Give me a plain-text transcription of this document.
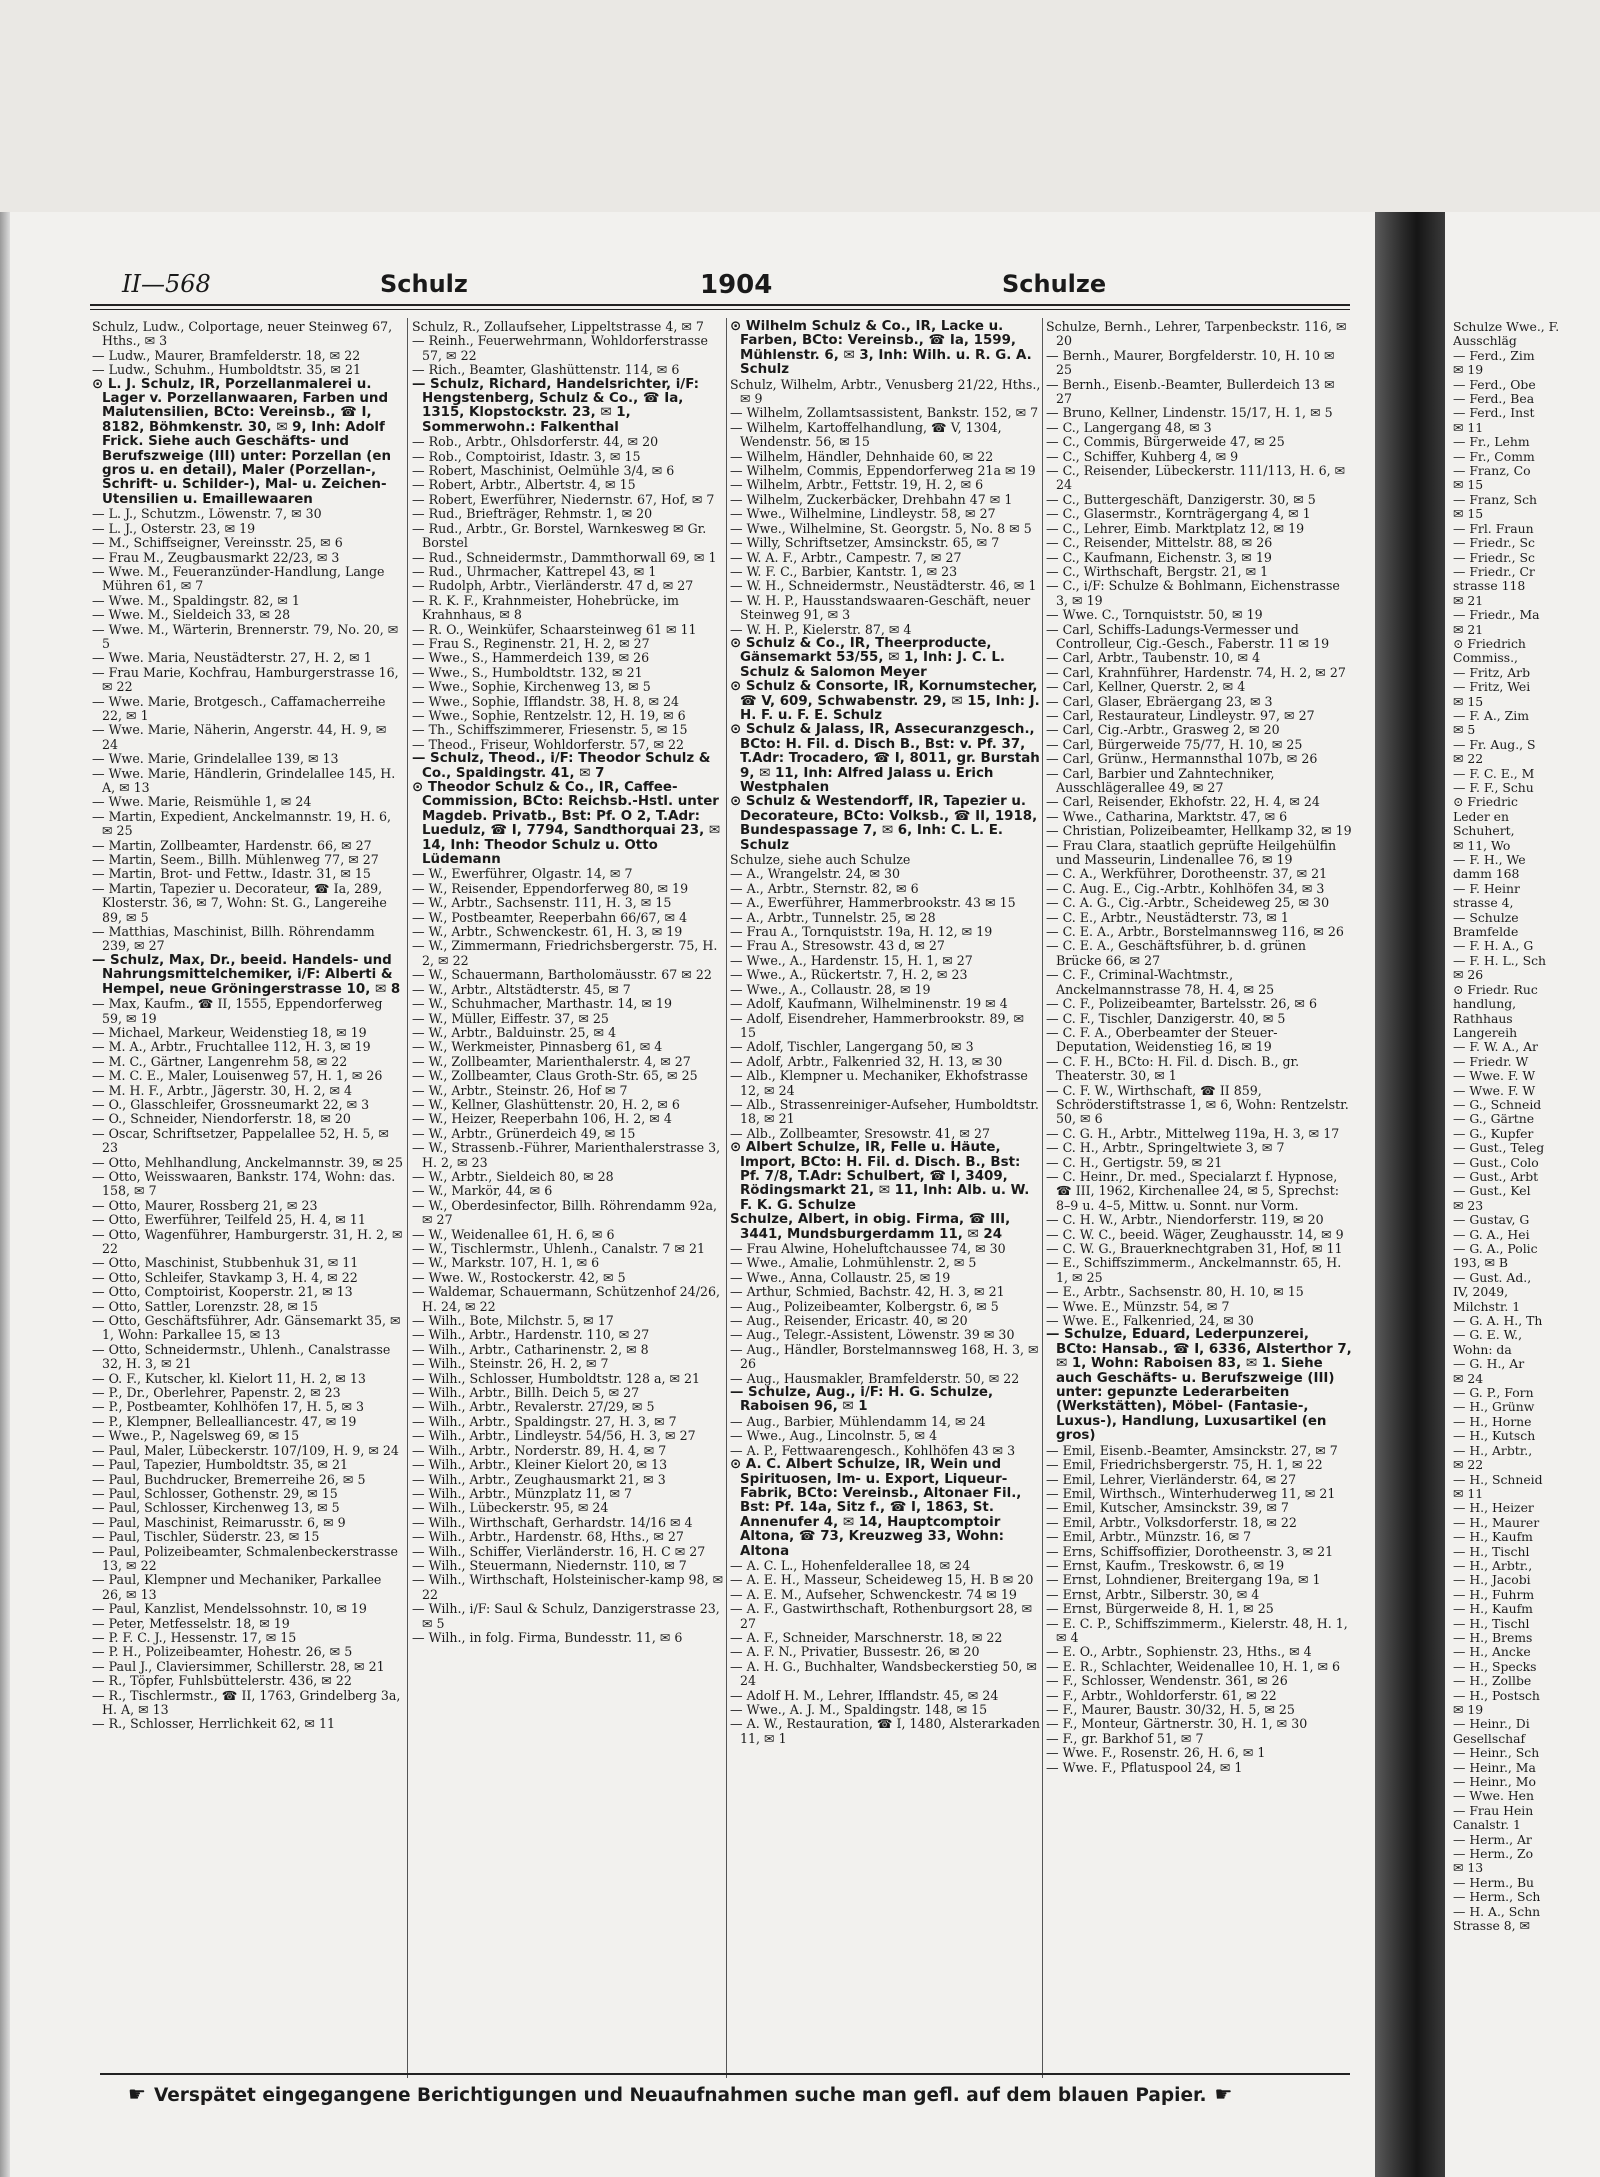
II—568	Schulz	1904	Schulze
Schulz, Ludw., Colportage, neuer Steinweg 67, Hths., ✉ 3
— Ludw., Maurer, Bramfelderstr. 18, ✉ 22
— Ludw., Schuhm., Humboldtstr. 35, ✉ 21
⊙ L. J. Schulz, IR, Porzellanmalerei u. Lager v. Porzellanwaaren, Farben und Malutensilien, BCto: Vereinsb., ☎ I, 8182, Böhmkenstr. 30, ✉ 9, Inh: Adolf Frick. Siehe auch Geschäfts- und Berufszweige (III) unter: Porzellan (en gros u. en detail), Maler (Porzellan-, Schrift- u. Schilder-), Mal- u. Zeichen-Utensilien u. Emaillewaaren
— L. J., Schutzm., Löwenstr. 7, ✉ 30
— L. J., Osterstr. 23, ✉ 19
— M., Schiffseigner, Vereinsstr. 25, ✉ 6
— Frau M., Zeugbausmarkt 22/23, ✉ 3
— Wwe. M., Feueranzünder-Handlung, Lange Mühren 61, ✉ 7
— Wwe. M., Spaldingstr. 82, ✉ 1
— Wwe. M., Sieldeich 33, ✉ 28
— Wwe. M., Wärterin, Brennerstr. 79, No. 20, ✉ 5
— Wwe. Maria, Neustädterstr. 27, H. 2, ✉ 1
— Frau Marie, Kochfrau, Hamburgerstrasse 16, ✉ 22
— Wwe. Marie, Brotgesch., Caffamacherreihe 22, ✉ 1
— Wwe. Marie, Näherin, Angerstr. 44, H. 9, ✉ 24
— Wwe. Marie, Grindelallee 139, ✉ 13
— Wwe. Marie, Händlerin, Grindelallee 145, H. A, ✉ 13
— Wwe. Marie, Reismühle 1, ✉ 24
— Martin, Expedient, Anckelmannstr. 19, H. 6, ✉ 25
— Martin, Zollbeamter, Hardenstr. 66, ✉ 27
— Martin, Seem., Billh. Mühlenweg 77, ✉ 27
— Martin, Brot- und Fettw., Idastr. 31, ✉ 15
— Martin, Tapezier u. Decorateur, ☎ Ia, 289, Klosterstr. 36, ✉ 7, Wohn: St. G., Langereihe 89, ✉ 5
— Matthias, Maschinist, Billh. Röhrendamm 239, ✉ 27
— Schulz, Max, Dr., beeid. Handels- und Nahrungsmittelchemiker, i/F: Alberti & Hempel, neue Gröningerstrasse 10, ✉ 8
— Max, Kaufm., ☎ II, 1555, Eppendorferweg 59, ✉ 19
— Michael, Markeur, Weidenstieg 18, ✉ 19
— M. A., Arbtr., Fruchtallee 112, H. 3, ✉ 19
— M. C., Gärtner, Langenrehm 58, ✉ 22
— M. C. E., Maler, Louisenweg 57, H. 1, ✉ 26
— M. H. F., Arbtr., Jägerstr. 30, H. 2, ✉ 4
— O., Glasschleifer, Grossneumarkt 22, ✉ 3
— O., Schneider, Niendorferstr. 18, ✉ 20
— Oscar, Schriftsetzer, Pappelallee 52, H. 5, ✉ 23
— Otto, Mehlhandlung, Anckelmannstr. 39, ✉ 25
— Otto, Weisswaaren, Bankstr. 174, Wohn: das. 158, ✉ 7
— Otto, Maurer, Rossberg 21, ✉ 23
— Otto, Ewerführer, Teilfeld 25, H. 4, ✉ 11
— Otto, Wagenführer, Hamburgerstr. 31, H. 2, ✉ 22
— Otto, Maschinist, Stubbenhuk 31, ✉ 11
— Otto, Schleifer, Stavkamp 3, H. 4, ✉ 22
— Otto, Comptoirist, Kooperstr. 21, ✉ 13
— Otto, Sattler, Lorenzstr. 28, ✉ 15
— Otto, Geschäftsführer, Adr. Gänsemarkt 35, ✉ 1, Wohn: Parkallee 15, ✉ 13
— Otto, Schneidermstr., Uhlenh., Canalstrasse 32, H. 3, ✉ 21
— O. F., Kutscher, kl. Kielort 11, H. 2, ✉ 13
— P., Dr., Oberlehrer, Papenstr. 2, ✉ 23
— P., Postbeamter, Kohlhöfen 17, H. 5, ✉ 3
— P., Klempner, Bellealliancestr. 47, ✉ 19
— Wwe., P., Nagelsweg 69, ✉ 15
— Paul, Maler, Lübeckerstr. 107/109, H. 9, ✉ 24
— Paul, Tapezier, Humboldtstr. 35, ✉ 21
— Paul, Buchdrucker, Bremerreihe 26, ✉ 5
— Paul, Schlosser, Gothenstr. 29, ✉ 15
— Paul, Schlosser, Kirchenweg 13, ✉ 5
— Paul, Maschinist, Reimarusstr. 6, ✉ 9
— Paul, Tischler, Süderstr. 23, ✉ 15
— Paul, Polizeibeamter, Schmalenbeckerstrasse 13, ✉ 22
— Paul, Klempner und Mechaniker, Parkallee 26, ✉ 13
— Paul, Kanzlist, Mendelssohnstr. 10, ✉ 19
— Peter, Metfesselstr. 18, ✉ 19
— P. F. C. J., Hessenstr. 17, ✉ 15
— P. H., Polizeibeamter, Hohestr. 26, ✉ 5
— Paul J., Claviersimmer, Schillerstr. 28, ✉ 21
— R., Töpfer, Fuhlsbüttelerstr. 436, ✉ 22
— R., Tischlermstr., ☎ II, 1763, Grindelberg 3a, H. A, ✉ 13
— R., Schlosser, Herrlichkeit 62, ✉ 11
Schulz, R., Zollaufseher, Lippeltstrasse 4, ✉ 7
— Reinh., Feuerwehrmann, Wohldorferstrasse 57, ✉ 22
— Rich., Beamter, Glashüttenstr. 114, ✉ 6
— Schulz, Richard, Handelsrichter, i/F: Hengstenberg, Schulz & Co., ☎ Ia, 1315, Klopstockstr. 23, ✉ 1, Sommerwohn.: Falkenthal
— Rob., Arbtr., Ohlsdorferstr. 44, ✉ 20
— Rob., Comptoirist, Idastr. 3, ✉ 15
— Robert, Maschinist, Oelmühle 3/4, ✉ 6
— Robert, Arbtr., Albertstr. 4, ✉ 15
— Robert, Ewerführer, Niedernstr. 67, Hof, ✉ 7
— Rud., Briefträger, Rehmstr. 1, ✉ 20
— Rud., Arbtr., Gr. Borstel, Warnkesweg ✉ Gr. Borstel
— Rud., Schneidermstr., Dammthorwall 69, ✉ 1
— Rud., Uhrmacher, Kattrepel 43, ✉ 1
— Rudolph, Arbtr., Vierländerstr. 47 d, ✉ 27
— R. K. F., Krahnmeister, Hohebrücke, im Krahnhaus, ✉ 8
— R. O., Weinküfer, Schaarsteinweg 61 ✉ 11
— Frau S., Reginenstr. 21, H. 2, ✉ 27
— Wwe., S., Hammerdeich 139, ✉ 26
— Wwe., S., Humboldtstr. 132, ✉ 21
— Wwe., Sophie, Kirchenweg 13, ✉ 5
— Wwe., Sophie, Ifflandstr. 38, H. 8, ✉ 24
— Wwe., Sophie, Rentzelstr. 12, H. 19, ✉ 6
— Th., Schiffszimmerer, Friesenstr. 5, ✉ 15
— Theod., Friseur, Wohldorferstr. 57, ✉ 22
— Schulz, Theod., i/F: Theodor Schulz & Co., Spaldingstr. 41, ✉ 7
⊙ Theodor Schulz & Co., IR, Caffee-Commission, BCto: Reichsb.-Hstl. unter Magdeb. Privatb., Bst: Pf. O 2, T.Adr: Luedulz, ☎ I, 7794, Sandthorquai 23, ✉ 14, Inh: Theodor Schulz u. Otto Lüdemann
— W., Ewerführer, Olgastr. 14, ✉ 7
— W., Reisender, Eppendorferweg 80, ✉ 19
— W., Arbtr., Sachsenstr. 111, H. 3, ✉ 15
— W., Postbeamter, Reeperbahn 66/67, ✉ 4
— W., Arbtr., Schwenckestr. 61, H. 3, ✉ 19
— W., Zimmermann, Friedrichsbergerstr. 75, H. 2, ✉ 22
— W., Schauermann, Bartholomäusstr. 67 ✉ 22
— W., Arbtr., Altstädterstr. 45, ✉ 7
— W., Schuhmacher, Marthastr. 14, ✉ 19
— W., Müller, Eiffestr. 37, ✉ 25
— W., Arbtr., Balduinstr. 25, ✉ 4
— W., Werkmeister, Pinnasberg 61, ✉ 4
— W., Zollbeamter, Marienthalerstr. 4, ✉ 27
— W., Zollbeamter, Claus Groth-Str. 65, ✉ 25
— W., Arbtr., Steinstr. 26, Hof ✉ 7
— W., Kellner, Glashüttenstr. 20, H. 2, ✉ 6
— W., Heizer, Reeperbahn 106, H. 2, ✉ 4
— W., Arbtr., Grünerdeich 49, ✉ 15
— W., Strassenb.-Führer, Marienthalerstrasse 3, H. 2, ✉ 23
— W., Arbtr., Sieldeich 80, ✉ 28
— W., Markör, 44, ✉ 6
— W., Oberdesinfector, Billh. Röhrendamm 92a, ✉ 27
— W., Weidenallee 61, H. 6, ✉ 6
— W., Tischlermstr., Uhlenh., Canalstr. 7 ✉ 21
— W., Markstr. 107, H. 1, ✉ 6
— Wwe. W., Rostockerstr. 42, ✉ 5
— Waldemar, Schauermann, Schützenhof 24/26, H. 24, ✉ 22
— Wilh., Bote, Milchstr. 5, ✉ 17
— Wilh., Arbtr., Hardenstr. 110, ✉ 27
— Wilh., Arbtr., Catharinenstr. 2, ✉ 8
— Wilh., Steinstr. 26, H. 2, ✉ 7
— Wilh., Schlosser, Humboldtstr. 128 a, ✉ 21
— Wilh., Arbtr., Billh. Deich 5, ✉ 27
— Wilh., Arbtr., Revalerstr. 27/29, ✉ 5
— Wilh., Arbtr., Spaldingstr. 27, H. 3, ✉ 7
— Wilh., Arbtr., Lindleystr. 54/56, H. 3, ✉ 27
— Wilh., Arbtr., Norderstr. 89, H. 4, ✉ 7
— Wilh., Arbtr., Kleiner Kielort 20, ✉ 13
— Wilh., Arbtr., Zeughausmarkt 21, ✉ 3
— Wilh., Arbtr., Münzplatz 11, ✉ 7
— Wilh., Lübeckerstr. 95, ✉ 24
— Wilh., Wirthschaft, Gerhardstr. 14/16 ✉ 4
— Wilh., Arbtr., Hardenstr. 68, Hths., ✉ 27
— Wilh., Schiffer, Vierländerstr. 16, H. C ✉ 27
— Wilh., Steuermann, Niedernstr. 110, ✉ 7
— Wilh., Wirthschaft, Holsteinischer-kamp 98, ✉ 22
— Wilh., i/F: Saul & Schulz, Danzigerstrasse 23, ✉ 5
— Wilh., in folg. Firma, Bundesstr. 11, ✉ 6
⊙ Wilhelm Schulz & Co., IR, Lacke u. Farben, BCto: Vereinsb., ☎ Ia, 1599, Mühlenstr. 6, ✉ 3, Inh: Wilh. u. R. G. A. Schulz
Schulz, Wilhelm, Arbtr., Venusberg 21/22, Hths., ✉ 9
— Wilhelm, Zollamtsassistent, Bankstr. 152, ✉ 7
— Wilhelm, Kartoffelhandlung, ☎ V, 1304, Wendenstr. 56, ✉ 15
— Wilhelm, Händler, Dehnhaide 60, ✉ 22
— Wilhelm, Commis, Eppendorferweg 21a ✉ 19
— Wilhelm, Arbtr., Fettstr. 19, H. 2, ✉ 6
— Wilhelm, Zuckerbäcker, Drehbahn 47 ✉ 1
— Wwe., Wilhelmine, Lindleystr. 58, ✉ 27
— Wwe., Wilhelmine, St. Georgstr. 5, No. 8 ✉ 5
— Willy, Schriftsetzer, Amsinckstr. 65, ✉ 7
— W. A. F., Arbtr., Campestr. 7, ✉ 27
— W. F. C., Barbier, Kantstr. 1, ✉ 23
— W. H., Schneidermstr., Neustädterstr. 46, ✉ 1
— W. H. P., Hausstandswaaren-Geschäft, neuer Steinweg 91, ✉ 3
— W. H. P., Kielerstr. 87, ✉ 4
⊙ Schulz & Co., IR, Theerproducte, Gänsemarkt 53/55, ✉ 1, Inh: J. C. L. Schulz & Salomon Meyer
⊙ Schulz & Consorte, IR, Kornumstecher, ☎ V, 609, Schwabenstr. 29, ✉ 15, Inh: J. H. F. u. F. E. Schulz
⊙ Schulz & Jalass, IR, Assecuranzgesch., BCto: H. Fil. d. Disch B., Bst: v. Pf. 37, T.Adr: Trocadero, ☎ I, 8011, gr. Burstah 9, ✉ 11, Inh: Alfred Jalass u. Erich Westphalen
⊙ Schulz & Westendorff, IR, Tapezier u. Decorateure, BCto: Volksb., ☎ II, 1918, Bundespassage 7, ✉ 6, Inh: C. L. E. Schulz
Schulze, siehe auch Schulze
— A., Wrangelstr. 24, ✉ 30
— A., Arbtr., Sternstr. 82, ✉ 6
— A., Ewerführer, Hammerbrookstr. 43 ✉ 15
— A., Arbtr., Tunnelstr. 25, ✉ 28
— Frau A., Tornquiststr. 19a, H. 12, ✉ 19
— Frau A., Stresowstr. 43 d, ✉ 27
— Wwe., A., Hardenstr. 15, H. 1, ✉ 27
— Wwe., A., Rückertstr. 7, H. 2, ✉ 23
— Wwe., A., Collaustr. 28, ✉ 19
— Adolf, Kaufmann, Wilhelminenstr. 19 ✉ 4
— Adolf, Eisendreher, Hammerbrookstr. 89, ✉ 15
— Adolf, Tischler, Langergang 50, ✉ 3
— Adolf, Arbtr., Falkenried 32, H. 13, ✉ 30
— Alb., Klempner u. Mechaniker, Ekhofstrasse 12, ✉ 24
— Alb., Strassenreiniger-Aufseher, Humboldtstr. 18, ✉ 21
— Alb., Zollbeamter, Sresowstr. 41, ✉ 27
⊙ Albert Schulze, IR, Felle u. Häute, Import, BCto: H. Fil. d. Disch. B., Bst: Pf. 7/8, T.Adr: Schulbert, ☎ I, 3409, Rödingsmarkt 21, ✉ 11, Inh: Alb. u. W. F. K. G. Schulze
Schulze, Albert, in obig. Firma, ☎ III, 3441, Mundsburgerdamm 11, ✉ 24
— Frau Alwine, Hoheluftchaussee 74, ✉ 30
— Wwe., Amalie, Lohmühlenstr. 2, ✉ 5
— Wwe., Anna, Collaustr. 25, ✉ 19
— Arthur, Schmied, Bachstr. 42, H. 3, ✉ 21
— Aug., Polizeibeamter, Kolbergstr. 6, ✉ 5
— Aug., Reisender, Ericastr. 40, ✉ 20
— Aug., Telegr.-Assistent, Löwenstr. 39 ✉ 30
— Aug., Händler, Borstelmannsweg 168, H. 3, ✉ 26
— Aug., Hausmakler, Bramfelderstr. 50, ✉ 22
— Schulze, Aug., i/F: H. G. Schulze, Raboisen 96, ✉ 1
— Aug., Barbier, Mühlendamm 14, ✉ 24
— Wwe., Aug., Lincolnstr. 5, ✉ 4
— A. P., Fettwaarengesch., Kohlhöfen 43 ✉ 3
⊙ A. C. Albert Schulze, IR, Wein und Spirituosen, Im- u. Export, Liqueur-Fabrik, BCto: Vereinsb., Altonaer Fil., Bst: Pf. 14a, Sitz f., ☎ I, 1863, St. Annenufer 4, ✉ 14, Hauptcomptoir Altona, ☎ 73, Kreuzweg 33, Wohn: Altona
— A. C. L., Hohenfelderallee 18, ✉ 24
— A. E. H., Masseur, Scheideweg 15, H. B ✉ 20
— A. E. M., Aufseher, Schwenckestr. 74 ✉ 19
— A. F., Gastwirthschaft, Rothenburgsort 28, ✉ 27
— A. F., Schneider, Marschnerstr. 18, ✉ 22
— A. F. N., Privatier, Bussestr. 26, ✉ 20
— A. H. G., Buchhalter, Wandsbeckerstieg 50, ✉ 24
— Adolf H. M., Lehrer, Ifflandstr. 45, ✉ 24
— Wwe., A. J. M., Spaldingstr. 148, ✉ 15
— A. W., Restauration, ☎ I, 1480, Alsterarkaden 11, ✉ 1
Schulze, Bernh., Lehrer, Tarpenbeckstr. 116, ✉ 20
— Bernh., Maurer, Borgfelderstr. 10, H. 10 ✉ 25
— Bernh., Eisenb.-Beamter, Bullerdeich 13 ✉ 27
— Bruno, Kellner, Lindenstr. 15/17, H. 1, ✉ 5
— C., Langergang 48, ✉ 3
— C., Commis, Bürgerweide 47, ✉ 25
— C., Schiffer, Kuhberg 4, ✉ 9
— C., Reisender, Lübeckerstr. 111/113, H. 6, ✉ 24
— C., Buttergeschäft, Danzigerstr. 30, ✉ 5
— C., Glasermstr., Kornträgergang 4, ✉ 1
— C., Lehrer, Eimb. Marktplatz 12, ✉ 19
— C., Reisender, Mittelstr. 88, ✉ 26
— C., Kaufmann, Eichenstr. 3, ✉ 19
— C., Wirthschaft, Bergstr. 21, ✉ 1
— C., i/F: Schulze & Bohlmann, Eichenstrasse 3, ✉ 19
— Wwe. C., Tornquiststr. 50, ✉ 19
— Carl, Schiffs-Ladungs-Vermesser und Controlleur, Cig.-Gesch., Faberstr. 11 ✉ 19
— Carl, Arbtr., Taubenstr. 10, ✉ 4
— Carl, Krahnführer, Hardenstr. 74, H. 2, ✉ 27
— Carl, Kellner, Querstr. 2, ✉ 4
— Carl, Glaser, Ebräergang 23, ✉ 3
— Carl, Restaurateur, Lindleystr. 97, ✉ 27
— Carl, Cig.-Arbtr., Grasweg 2, ✉ 20
— Carl, Bürgerweide 75/77, H. 10, ✉ 25
— Carl, Grünw., Hermannsthal 107b, ✉ 26
— Carl, Barbier und Zahntechniker, Ausschlägerallee 49, ✉ 27
— Carl, Reisender, Ekhofstr. 22, H. 4, ✉ 24
— Wwe., Catharina, Marktstr. 47, ✉ 6
— Christian, Polizeibeamter, Hellkamp 32, ✉ 19
— Frau Clara, staatlich geprüfte Heilgehülfin und Masseurin, Lindenallee 76, ✉ 19
— C. A., Werkführer, Dorotheenstr. 37, ✉ 21
— C. Aug. E., Cig.-Arbtr., Kohlhöfen 34, ✉ 3
— C. A. G., Cig.-Arbtr., Scheideweg 25, ✉ 30
— C. E., Arbtr., Neustädterstr. 73, ✉ 1
— C. E. A., Arbtr., Borstelmannsweg 116, ✉ 26
— C. E. A., Geschäftsführer, b. d. grünen Brücke 66, ✉ 27
— C. F., Criminal-Wachtmstr., Anckelmannstrasse 78, H. 4, ✉ 25
— C. F., Polizeibeamter, Bartelsstr. 26, ✉ 6
— C. F., Tischler, Danzigerstr. 40, ✉ 5
— C. F. A., Oberbeamter der Steuer-Deputation, Weidenstieg 16, ✉ 19
— C. F. H., BCto: H. Fil. d. Disch. B., gr. Theaterstr. 30, ✉ 1
— C. F. W., Wirthschaft, ☎ II 859, Schröderstiftstrasse 1, ✉ 6, Wohn: Rentzelstr. 50, ✉ 6
— C. G. H., Arbtr., Mittelweg 119a, H. 3, ✉ 17
— C. H., Arbtr., Springeltwiete 3, ✉ 7
— C. H., Gertigstr. 59, ✉ 21
— C. Heinr., Dr. med., Specialarzt f. Hypnose, ☎ III, 1962, Kirchenallee 24, ✉ 5, Sprechst: 8–9 u. 4–5, Mittw. u. Sonnt. nur Vorm.
— C. H. W., Arbtr., Niendorferstr. 119, ✉ 20
— C. W. C., beeid. Wäger, Zeughausstr. 14, ✉ 9
— C. W. G., Brauerknechtgraben 31, Hof, ✉ 11
— E., Schiffszimmerm., Anckelmannstr. 65, H. 1, ✉ 25
— E., Arbtr., Sachsenstr. 80, H. 10, ✉ 15
— Wwe. E., Münzstr. 54, ✉ 7
— Wwe. E., Falkenried, 24, ✉ 30
— Schulze, Eduard, Lederpunzerei, BCto: Hansab., ☎ I, 6336, Alsterthor 7, ✉ 1, Wohn: Raboisen 83, ✉ 1. Siehe auch Geschäfts- u. Berufszweige (III) unter: gepunzte Lederarbeiten (Werkstätten), Möbel- (Fantasie-, Luxus-), Handlung, Luxusartikel (en gros)
— Emil, Eisenb.-Beamter, Amsinckstr. 27, ✉ 7
— Emil, Friedrichsbergerstr. 75, H. 1, ✉ 22
— Emil, Lehrer, Vierländerstr. 64, ✉ 27
— Emil, Wirthsch., Winterhuderweg 11, ✉ 21
— Emil, Kutscher, Amsinckstr. 39, ✉ 7
— Emil, Arbtr., Volksdorferstr. 18, ✉ 22
— Emil, Arbtr., Münzstr. 16, ✉ 7
— Erns, Schiffsoffizier, Dorotheenstr. 3, ✉ 21
— Ernst, Kaufm., Treskowstr. 6, ✉ 19
— Ernst, Lohndiener, Breitergang 19a, ✉ 1
— Ernst, Arbtr., Silberstr. 30, ✉ 4
— Ernst, Bürgerweide 8, H. 1, ✉ 25
— E. C. P., Schiffszimmerm., Kielerstr. 48, H. 1, ✉ 4
— E. O., Arbtr., Sophienstr. 23, Hths., ✉ 4
— E. R., Schlachter, Weidenallee 10, H. 1, ✉ 6
— F., Schlosser, Wendenstr. 361, ✉ 26
— F., Arbtr., Wohldorferstr. 61, ✉ 22
— F., Maurer, Baustr. 30/32, H. 5, ✉ 25
— F., Monteur, Gärtnerstr. 30, H. 1, ✉ 30
— F., gr. Barkhof 51, ✉ 7
— Wwe. F., Rosenstr. 26, H. 6, ✉ 1
— Wwe. F., Pflatuspool 24, ✉ 1
Schulze Wwe., F.
Ausschläg
— Ferd., Zim
✉ 19
— Ferd., Obe
— Ferd., Bea
— Ferd., Inst
✉ 11
— Fr., Lehm
— Fr., Comm
— Franz, Co
✉ 15
— Franz, Sch
✉ 15
— Frl. Fraun
— Friedr., Sc
— Friedr., Sc
— Friedr., Cr
strasse 118
✉ 21
— Friedr., Ma
✉ 21
⊙ Friedrich
Commiss.,
— Fritz, Arb
— Fritz, Wei
✉ 15
— F. A., Zim
✉ 5
— Fr. Aug., S
✉ 22
— F. C. E., M
— F. F., Schu
⊙ Friedric
Leder en
Schuhert,
✉ 11, Wo
— F. H., We
damm 168
— F. Heinr
strasse 4,
— Schulze
Bramfelde
— F. H. A., G
— F. H. L., Sch
✉ 26
⊙ Friedr. Ruc
handlung,
Rathhaus
Langereih
— F. W. A., Ar
— Friedr. W
— Wwe. F. W
— Wwe. F. W
— G., Schneid
— G., Gärtne
— G., Kupfer
— Gust., Teleg
— Gust., Colo
— Gust., Arbt
— Gust., Kel
✉ 23
— Gustav, G
— G. A., Hei
— G. A., Polic
193, ✉ B
— Gust. Ad.,
IV, 2049,
Milchstr. 1
— G. A. H., Th
— G. E. W.,
Wohn: da
— G. H., Ar
✉ 24
— G. P., Forn
— H., Grünw
— H., Horne
— H., Kutsch
— H., Arbtr.,
✉ 22
— H., Schneid
✉ 11
— H., Heizer
— H., Maurer
— H., Kaufm
— H., Tischl
— H., Arbtr.,
— H., Jacobi
— H., Fuhrm
— H., Kaufm
— H., Tischl
— H., Brems
— H., Ancke
— H., Specks
— H., Zollbe
— H., Postsch
✉ 19
— Heinr., Di
Gesellschaf
— Heinr., Sch
— Heinr., Ma
— Heinr., Mo
— Wwe. Hen
— Frau Hein
Canalstr. 1
— Herm., Ar
— Herm., Zo
✉ 13
— Herm., Bu
— Herm., Sch
— H. A., Schn
Strasse 8, ✉
☛ Verspätet eingegangene Berichtigungen und Neuaufnahmen suche man gefl. auf dem blauen Papier. ☛
